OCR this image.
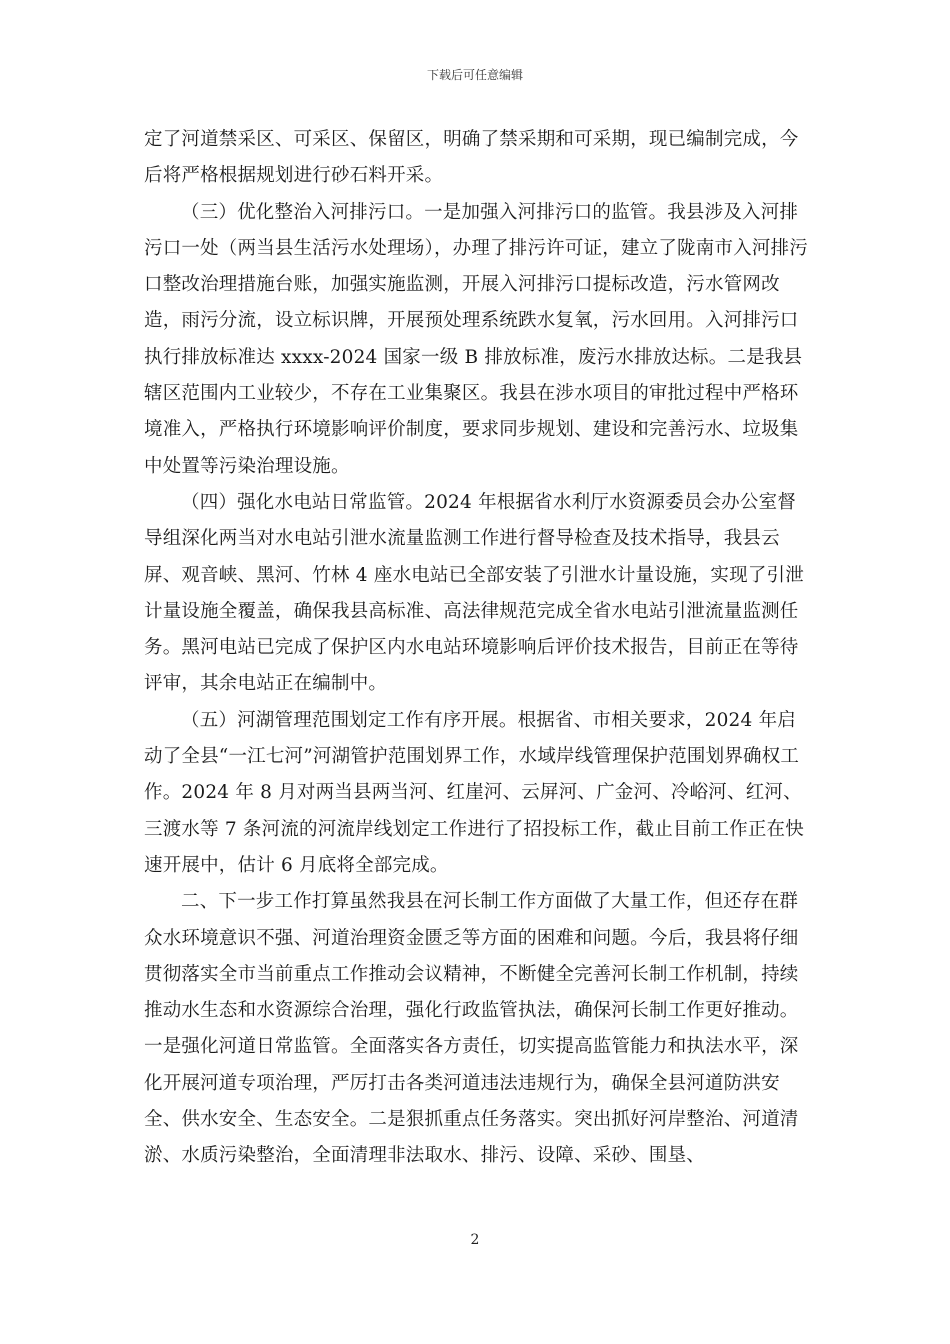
下载后可任意编辑

定了河道禁采区、可采区、保留区，明确了禁采期和可采期，现已编制完成，今后将严格根据规划进行砂石料开采。

（三）优化整治入河排污口。一是加强入河排污口的监管。我县涉及入河排污口一处（两当县生活污水处理场），办理了排污许可证，建立了陇南市入河排污口整改治理措施台账，加强实施监测，开展入河排污口提标改造，污水管网改造，雨污分流，设立标识牌，开展预处理系统跌水复氧，污水回用。入河排污口执行排放标准达 xxxx-2024 国家一级 B 排放标准，废污水排放达标。二是我县辖区范围内工业较少，不存在工业集聚区。我县在涉水项目的审批过程中严格环境准入，严格执行环境影响评价制度，要求同步规划、建设和完善污水、垃圾集中处置等污染治理设施。

（四）强化水电站日常监管。2024 年根据省水利厅水资源委员会办公室督导组深化两当对水电站引泄水流量监测工作进行督导检查及技术指导，我县云屏、观音峡、黑河、竹林 4 座水电站已全部安装了引泄水计量设施，实现了引泄计量设施全覆盖，确保我县高标准、高法律规范完成全省水电站引泄流量监测任务。黑河电站已完成了保护区内水电站环境影响后评价技术报告，目前正在等待评审，其余电站正在编制中。

（五）河湖管理范围划定工作有序开展。根据省、市相关要求，2024 年启动了全县“一江七河”河湖管护范围划界工作，水域岸线管理保护范围划界确权工作。2024 年 8 月对两当县两当河、红崖河、云屏河、广金河、冷峪河、红河、三渡水等 7 条河流的河流岸线划定工作进行了招投标工作，截止目前工作正在快速开展中，估计 6 月底将全部完成。

二、下一步工作打算虽然我县在河长制工作方面做了大量工作，但还存在群众水环境意识不强、河道治理资金匮乏等方面的困难和问题。今后，我县将仔细贯彻落实全市当前重点工作推动会议精神，不断健全完善河长制工作机制，持续推动水生态和水资源综合治理，强化行政监管执法，确保河长制工作更好推动。一是强化河道日常监管。全面落实各方责任，切实提高监管能力和执法水平，深化开展河道专项治理，严厉打击各类河道违法违规行为，确保全县河道防洪安全、供水安全、生态安全。二是狠抓重点任务落实。突出抓好河岸整治、河道清淤、水质污染整治，全面清理非法取水、排污、设障、采砂、围垦、

2
